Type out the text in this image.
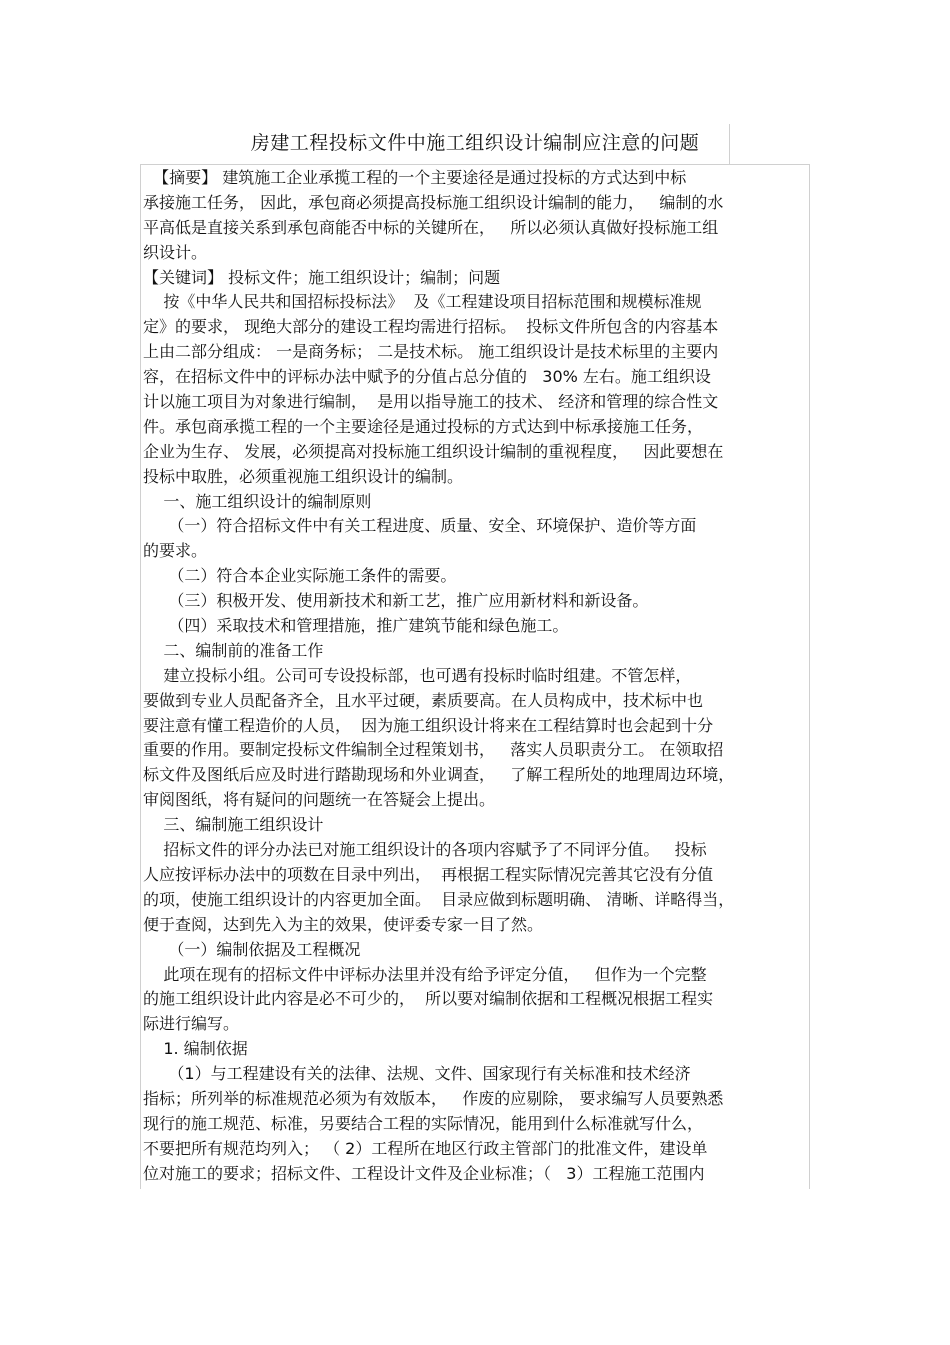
房建工程投标文件中施工组织设计编制应注意的问题
【摘要】 建筑施工企业承揽工程的一个主要途径是通过投标的方式达到中标
承接施工任务， 因此，承包商必须提高投标施工组织设计编制的能力，   编制的水
平高低是直接关系到承包商能否中标的关键所在，   所以必须认真做好投标施工组
织设计。
【关键词】 投标文件；施工组织设计；编制；问题
按《中华人民共和国招标投标法》  及《工程建设项目招标范围和规模标准规
定》的要求， 现绝大部分的建设工程均需进行招标。  投标文件所包含的内容基本
上由二部分组成： 一是商务标； 二是技术标。 施工组织设计是技术标里的主要内
容，在招标文件中的评标办法中赋予的分值占总分值的   30% 左右。施工组织设
计以施工项目为对象进行编制，  是用以指导施工的技术、 经济和管理的综合性文
件。承包商承揽工程的一个主要途径是通过投标的方式达到中标承接施工任务，
企业为生存、 发展，必须提高对投标施工组织设计编制的重视程度，   因此要想在
投标中取胜，必须重视施工组织设计的编制。
一、施工组织设计的编制原则
（一）符合招标文件中有关工程进度、质量、安全、环境保护、造价等方面
的要求。
（二）符合本企业实际施工条件的需要。
（三）积极开发、使用新技术和新工艺，推广应用新材料和新设备。
（四）采取技术和管理措施，推广建筑节能和绿色施工。
二、编制前的准备工作
建立投标小组。公司可专设投标部，也可遇有投标时临时组建。不管怎样，
要做到专业人员配备齐全，且水平过硬，素质要高。在人员构成中，技术标中也
要注意有懂工程造价的人员，  因为施工组织设计将来在工程结算时也会起到十分
重要的作用。要制定投标文件编制全过程策划书，   落实人员职责分工。 在领取招
标文件及图纸后应及时进行踏勘现场和外业调查，   了解工程所处的地理周边环境，
审阅图纸，将有疑问的问题统一在答疑会上提出。
三、编制施工组织设计
招标文件的评分办法已对施工组织设计的各项内容赋予了不同评分值。   投标
人应按评标办法中的项数在目录中列出，  再根据工程实际情况完善其它没有分值
的项，使施工组织设计的内容更加全面。  目录应做到标题明确、 清晰、详略得当，
便于查阅，达到先入为主的效果，使评委专家一目了然。
（一）编制依据及工程概况
此项在现有的招标文件中评标办法里并没有给予评定分值，   但作为一个完整
的施工组织设计此内容是必不可少的，  所以要对编制依据和工程概况根据工程实
际进行编写。
1. 编制依据
（1）与工程建设有关的法律、法规、文件、国家现行有关标准和技术经济
指标；所列举的标准规范必须为有效版本，   作废的应剔除， 要求编写人员要熟悉
现行的施工规范、标准，另要结合工程的实际情况，能用到什么标准就写什么，
不要把所有规范均列入； （ 2）工程所在地区行政主管部门的批准文件，建设单
位对施工的要求；招标文件、工程设计文件及企业标准；（   3）工程施工范围内
